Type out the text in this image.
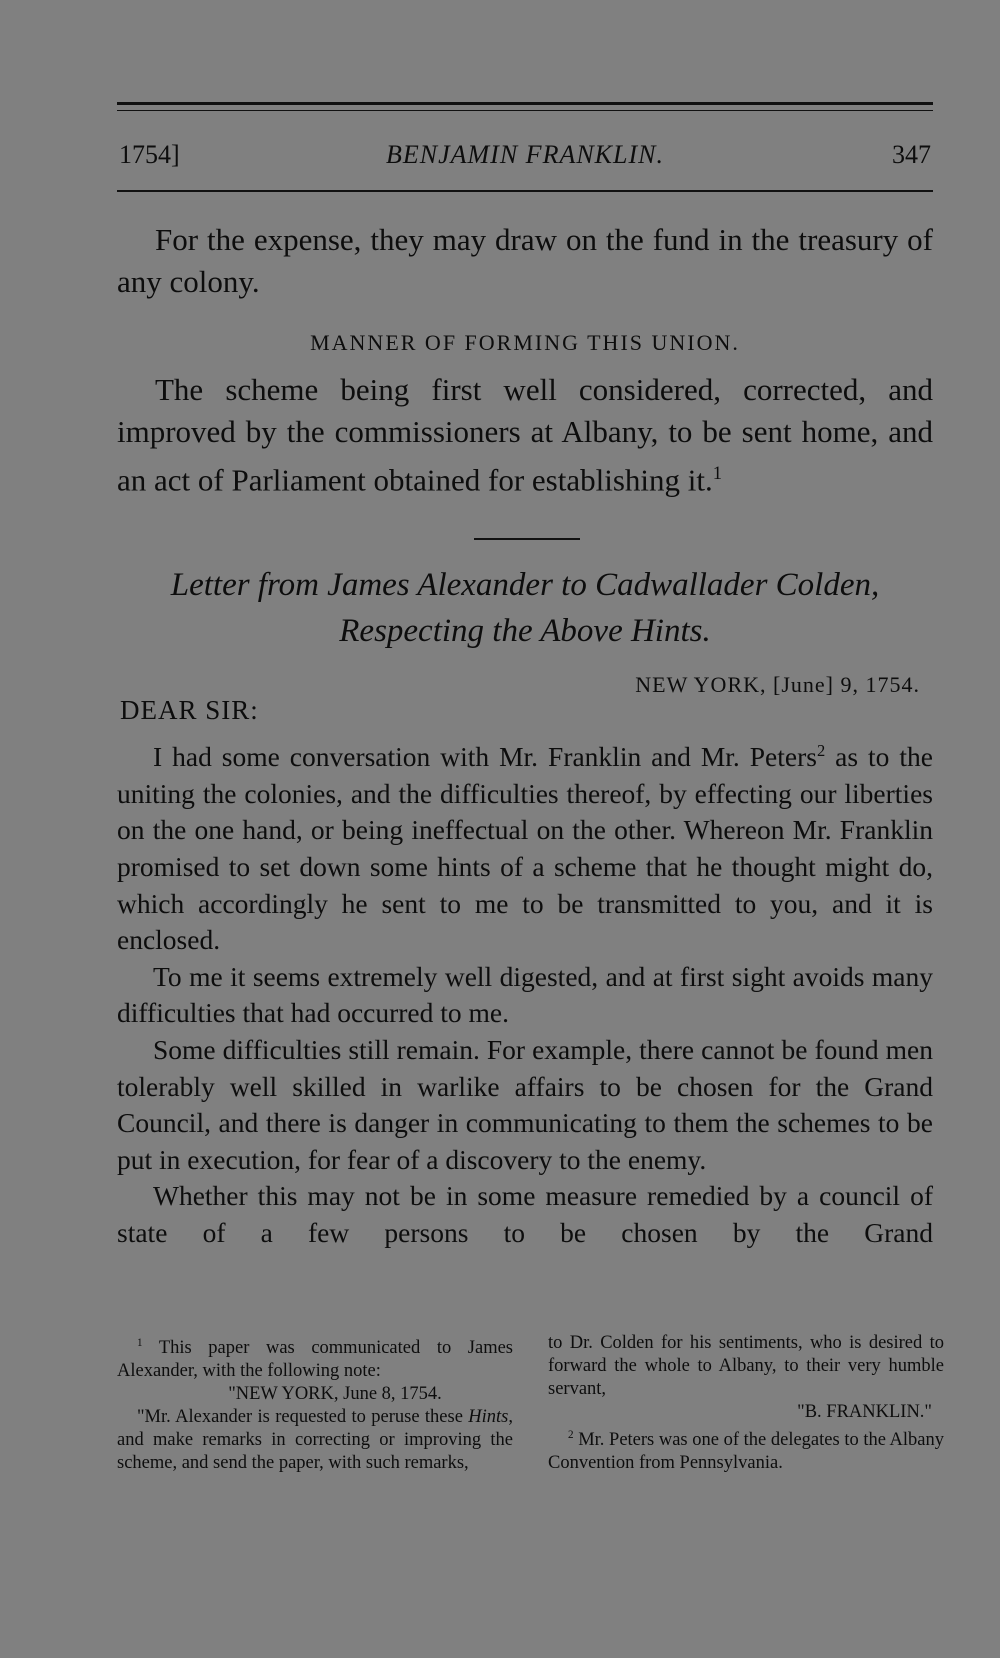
1754]	BENJAMIN FRANKLIN.	347

For the expense, they may draw on the fund in the treasury of any colony.

MANNER OF FORMING THIS UNION.

The scheme being first well considered, corrected, and improved by the commissioners at Albany, to be sent home, and an act of Parliament obtained for establishing it.$^1$

Letter from James Alexander to Cadwallader Colden,
Respecting the Above Hints.
NEW YORK, [June] 9, 1754.
DEAR SIR:

I had some conversation with Mr. Franklin and Mr. Peters$^2$ as to the uniting the colonies, and the difficulties thereof, by effecting our liberties on the one hand, or being ineffectual on the other. Whereon Mr. Franklin promised to set down some hints of a scheme that he thought might do, which accordingly he sent to me to be transmitted to you, and it is enclosed.

To me it seems extremely well digested, and at first sight avoids many difficulties that had occurred to me.

Some difficulties still remain. For example, there cannot be found men tolerably well skilled in warlike affairs to be chosen for the Grand Council, and there is danger in communicating to them the schemes to be put in execution, for fear of a discovery to the enemy.

Whether this may not be in some measure remedied by a council of state of a few persons to be chosen by the Grand

$^1$ This paper was communicated to James Alexander, with the following note:

"NEW YORK, June 8, 1754.

"Mr. Alexander is requested to peruse these Hints, and make remarks in correcting or improving the scheme, and send the paper, with such remarks,

to Dr. Colden for his sentiments, who is desired to forward the whole to Albany, to their very humble servant,

"B. FRANKLIN."

$^2$ Mr. Peters was one of the delegates to the Albany Convention from Pennsylvania.
